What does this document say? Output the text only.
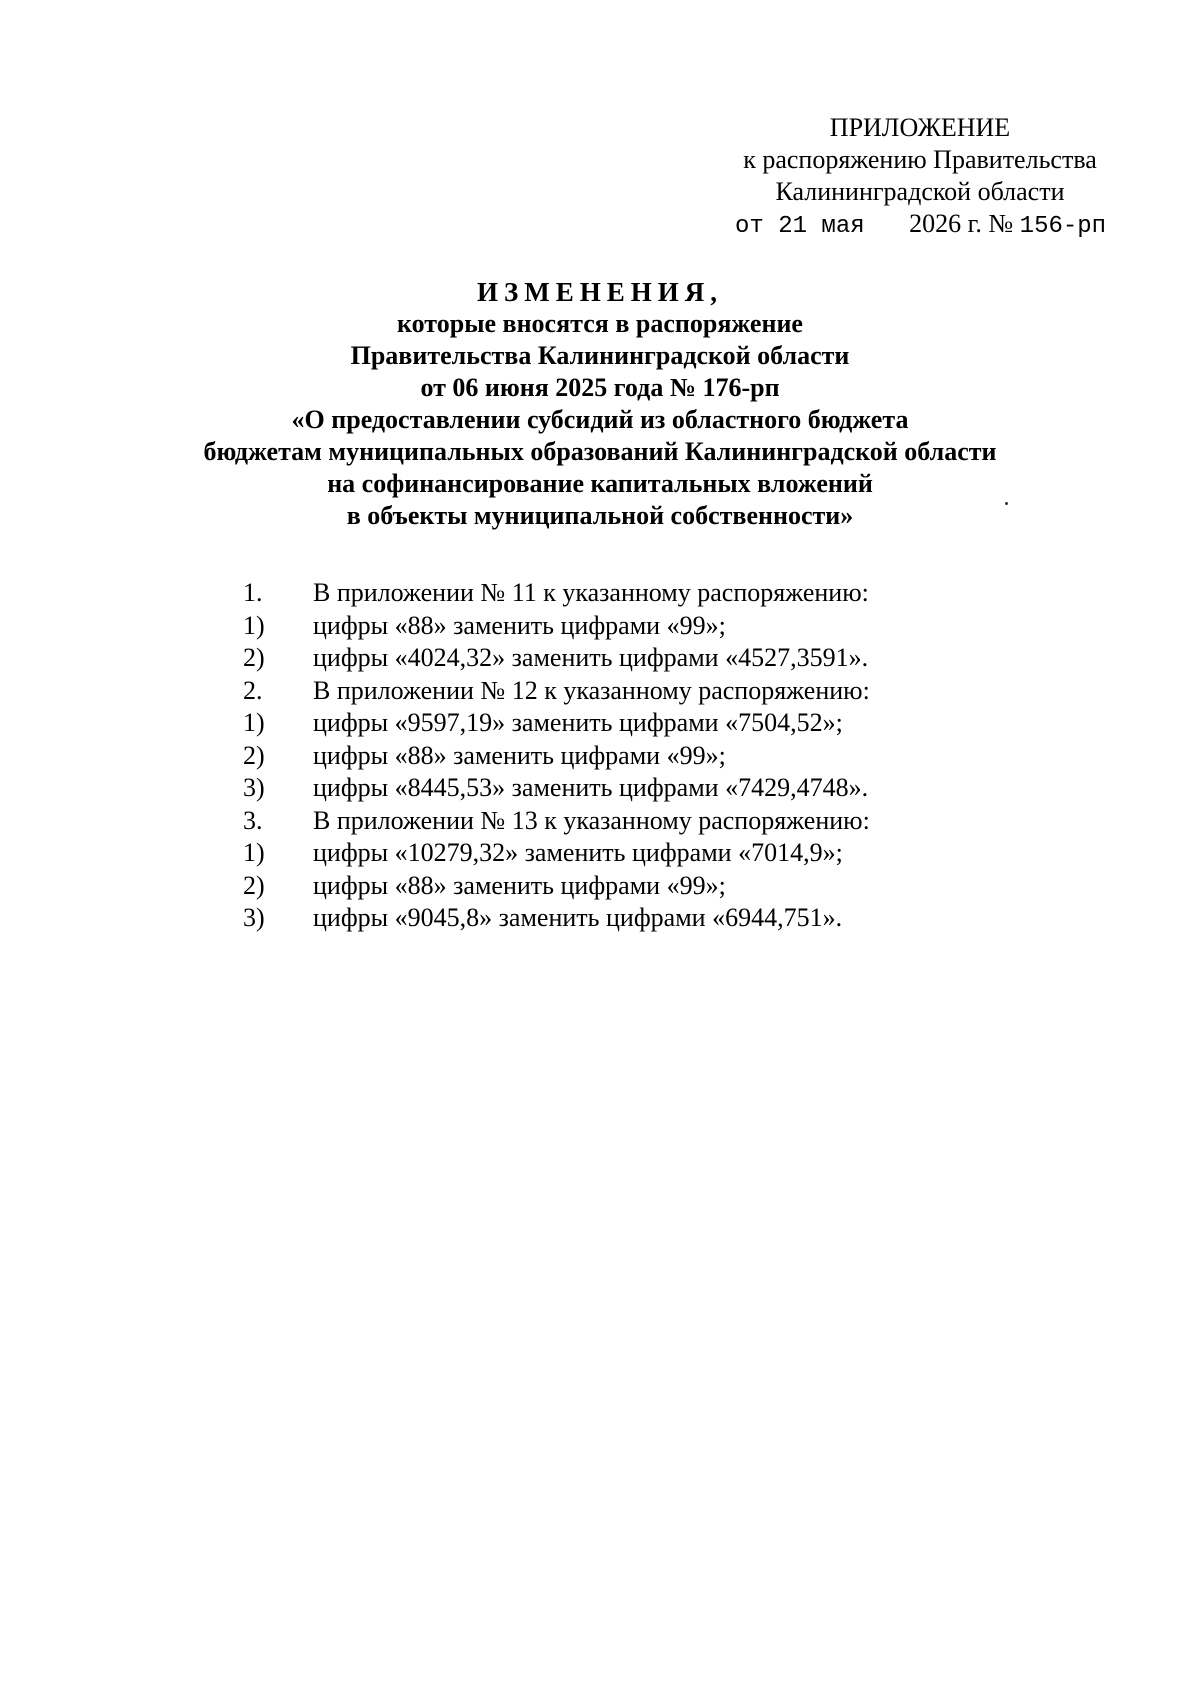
ПРИЛОЖЕНИЕ
к распоряжению Правительства
Калининградской области
от 21 мая 2026 г. № 156-рп
ИЗМЕНЕНИЯ,
которые вносятся в распоряжение
Правительства Калининградской области
от 06 июня 2025 года № 176-рп
«О предоставлении субсидий из областного бюджета
бюджетам муниципальных образований Калининградской области
на софинансирование капитальных вложений
в объекты муниципальной собственности»
1.	В приложении № 11 к указанному распоряжению:
1)	цифры «88» заменить цифрами «99»;
2)	цифры «4024,32» заменить цифрами «4527,3591».
2.	В приложении № 12 к указанному распоряжению:
1)	цифры «9597,19» заменить цифрами «7504,52»;
2)	цифры «88» заменить цифрами «99»;
3)	цифры «8445,53» заменить цифрами «7429,4748».
3.	В приложении № 13 к указанному распоряжению:
1)	цифры «10279,32» заменить цифрами «7014,9»;
2)	цифры «88» заменить цифрами «99»;
3)	цифры «9045,8» заменить цифрами «6944,751».
